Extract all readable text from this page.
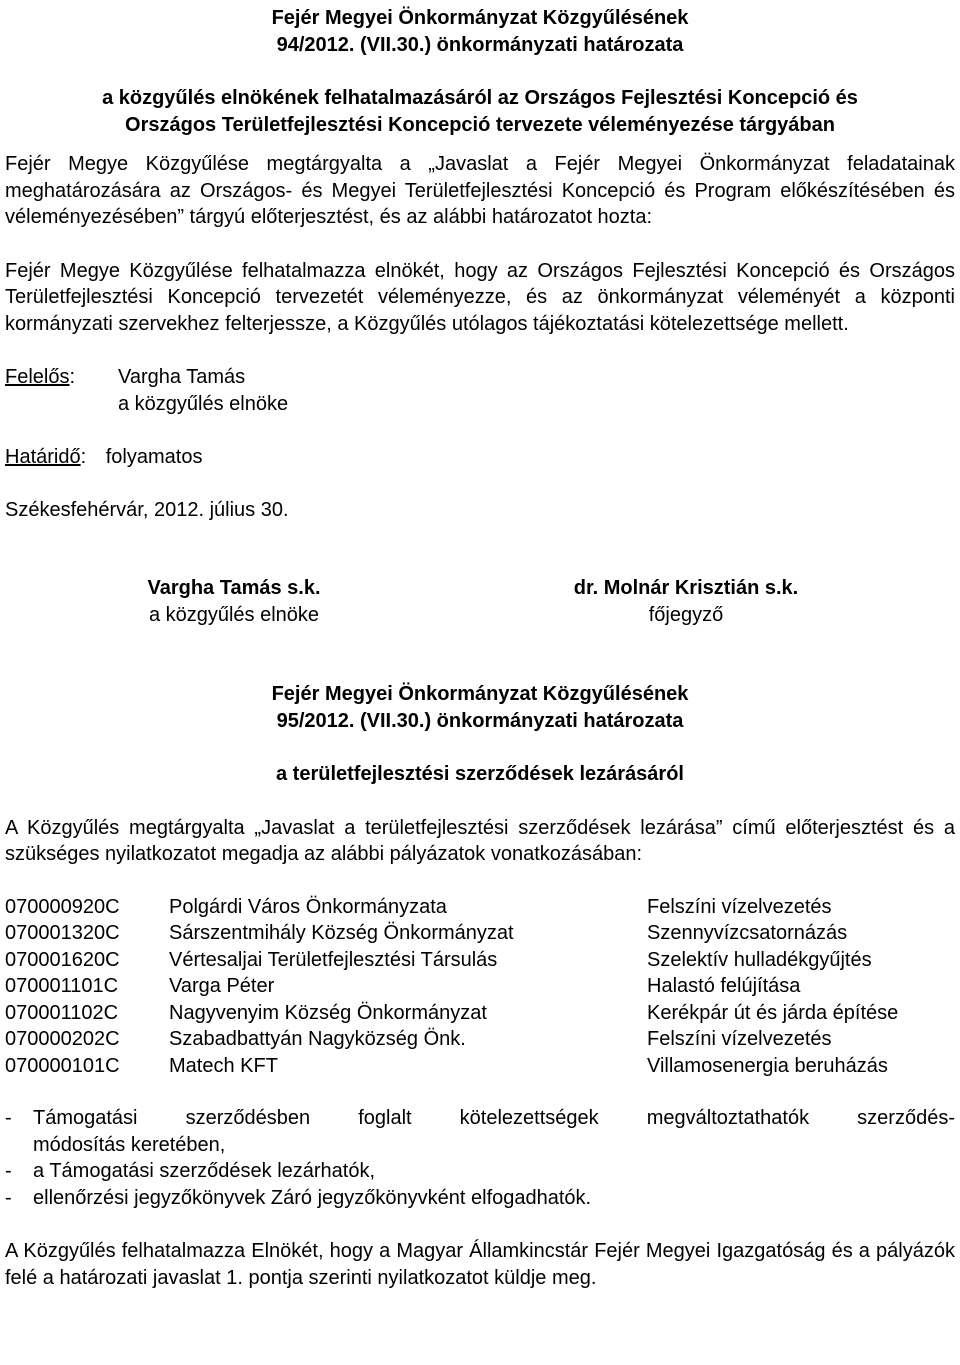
Fejér Megyei Önkormányzat Közgyűlésének
94/2012. (VII.30.) önkormányzati határozata
a közgyűlés elnökének felhatalmazásáról az Országos Fejlesztési Koncepció és
Országos Területfejlesztési Koncepció tervezete véleményezése tárgyában

Fejér Megye Közgyűlése megtárgyalta a „Javaslat a Fejér Megyei Önkormányzat feladatainak meghatározására az Országos- és Megyei Területfejlesztési Koncepció és Program előkészítésében és véleményezésében” tárgyú előterjesztést, és az alábbi határozatot hozta:

Fejér Megye Közgyűlése felhatalmazza elnökét, hogy az Országos Fejlesztési Koncepció és Országos Területfejlesztési Koncepció tervezetét véleményezze, és az önkormányzat véleményét a központi kormányzati szervekhez felterjessze, a Közgyűlés utólagos tájékoztatási kötelezettsége mellett.

Felelős:	Vargha Tamás
a közgyűlés elnöke
Határidő: folyamatos

Székesfehérvár, 2012. július 30.

Vargha Tamás s.k.
a közgyűlés elnöke
dr. Molnár Krisztián s.k.
főjegyző
Fejér Megyei Önkormányzat Közgyűlésének
95/2012. (VII.30.) önkormányzati határozata
a területfejlesztési szerződések lezárásáról

A Közgyűlés megtárgyalta „Javaslat a területfejlesztési szerződések lezárása” című előterjesztést és a szükséges nyilatkozatot megadja az alábbi pályázatok vonatkozásában:

070000920C	Polgárdi Város Önkormányzata	Felszíni vízelvezetés
070001320C	Sárszentmihály Község Önkormányzat	Szennyvízcsatornázás
070001620C	Vértesaljai Területfejlesztési Társulás	Szelektív hulladékgyűjtés
070001101C	Varga Péter	Halastó felújítása
070001102C	Nagyvenyim Község Önkormányzat	Kerékpár út és járda építése
070000202C	Szabadbattyán Nagyközség Önk.	Felszíni vízelvezetés
070000101C	Matech KFT	Villamosenergia beruházás
-	Támogatási szerződésben foglalt kötelezettségek megváltoztathatók szerződés-
módosítás keretében,
-	a Támogatási szerződések lezárhatók,
-	ellenőrzési jegyzőkönyvek Záró jegyzőkönyvként elfogadhatók.

A Közgyűlés felhatalmazza Elnökét, hogy a Magyar Államkincstár Fejér Megyei Igazgatóság és a pályázók felé a határozati javaslat 1. pontja szerinti nyilatkozatot küldje meg.
